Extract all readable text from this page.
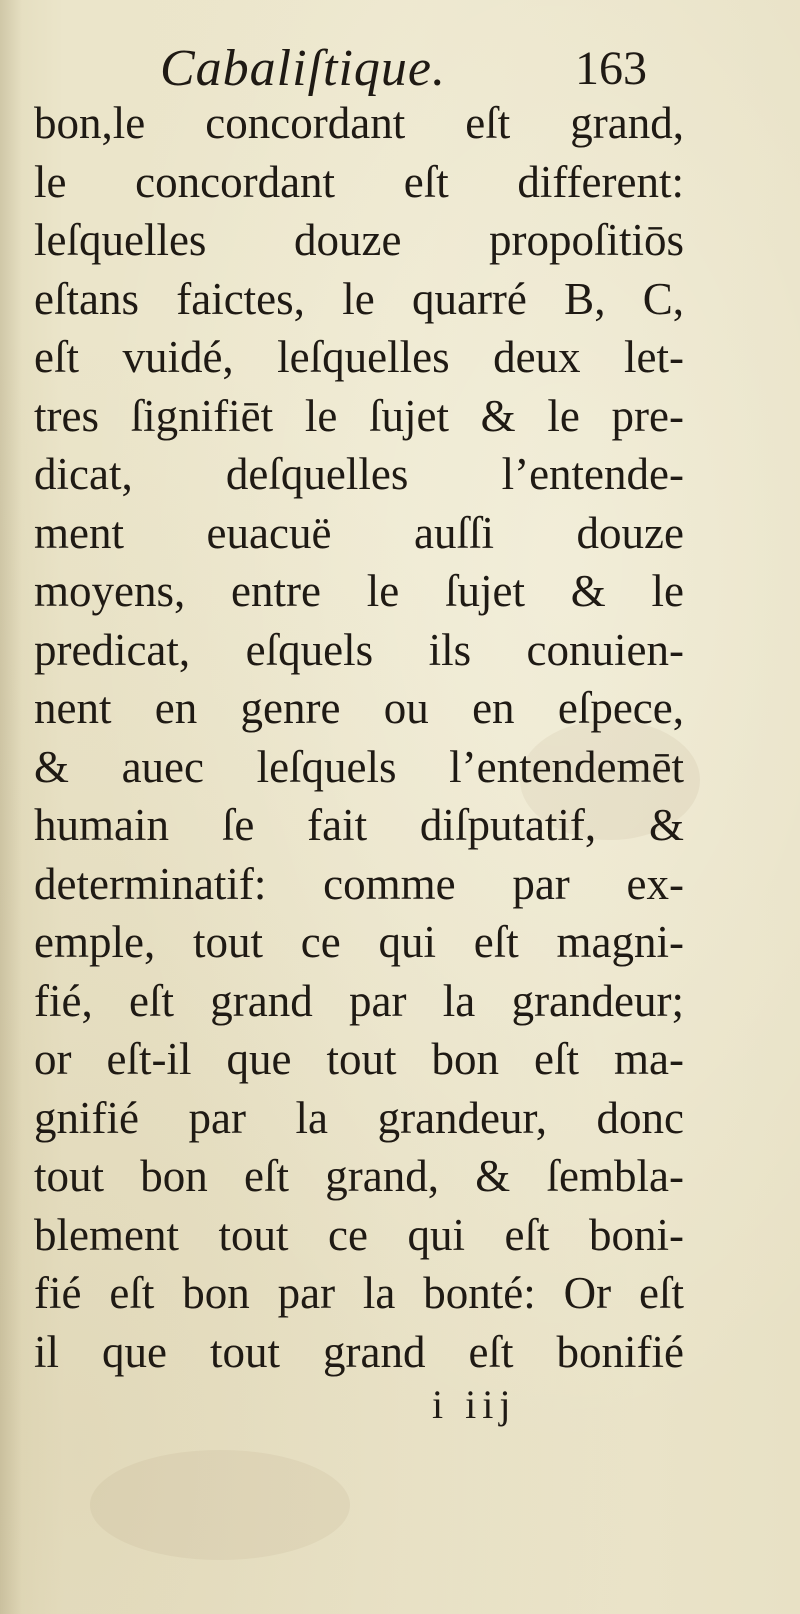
Cabaliſtique.	163
bon,le concordant eſt grand,
le concordant eſt different:
leſquelles douze propoſitiōs
eſtans faictes, le quarré B, C,
eſt vuidé, leſquelles deux let-
tres ſignifiēt le ſujet & le pre-
dicat, deſquelles l’entende-
ment euacuë auſſi douze
moyens, entre le ſujet & le
predicat, eſquels ils conuien-
nent en genre ou en eſpece,
& auec leſquels l’entendemēt
humain ſe fait diſputatif, &
determinatif: comme par ex-
emple, tout ce qui eſt magni-
fié, eſt grand par la grandeur;
or eſt-il que tout bon eſt ma-
gnifié par la grandeur, donc
tout bon eſt grand, & ſembla-
blement tout ce qui eſt boni-
fié eſt bon par la bonté: Or eſt
il que tout grand eſt bonifié
i iij
